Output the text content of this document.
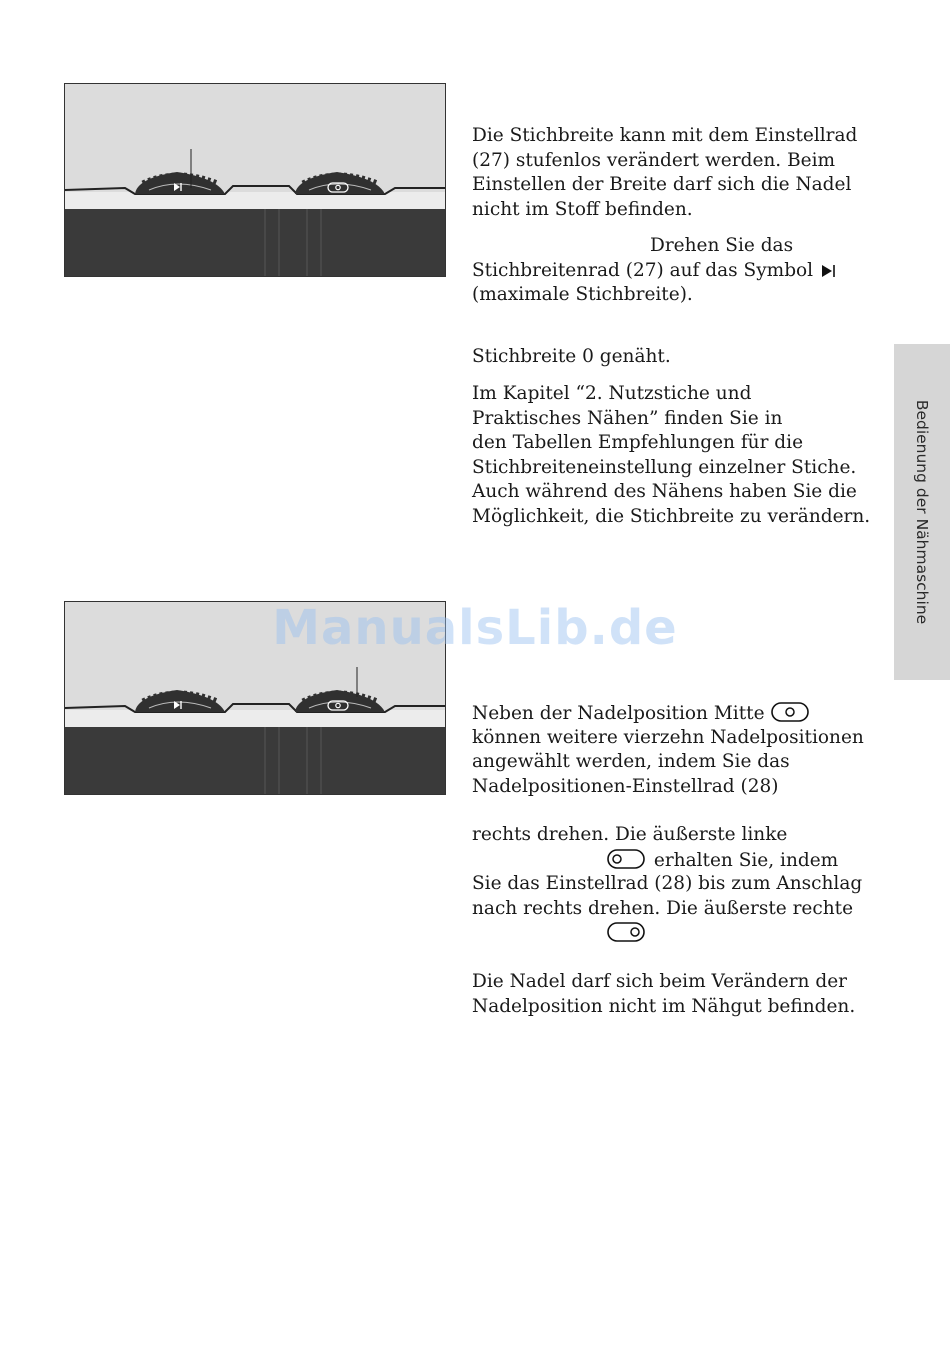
Die Stichbreite kann mit dem Einstellrad
(27) stufenlos verändert werden. Beim
Einstellen der Breite darf sich die Nadel
nicht im Stoff befinden.

Drehen Sie das
Stichbreitenrad (27) auf das Symbol
(maximale Stichbreite).

Stichbreite 0 genäht.

Im Kapitel “2. Nutzstiche und
Praktisches Nähen” finden Sie in
den Tabellen Empfehlungen für die
Stichbreiteneinstellung einzelner Stiche.
Auch während des Nähens haben Sie die
Möglichkeit, die Stichbreite zu verändern.

ManualsLib.de

Neben der Nadelposition Mitte
können weitere vierzehn Nadelpositionen
angewählt werden, indem Sie das
Nadelpositionen-Einstellrad (28)

rechts drehen. Die äußerste linke
erhalten Sie, indem
Sie das Einstellrad (28) bis zum Anschlag
nach rechts drehen. Die äußerste rechte

Die Nadel darf sich beim Verändern der
Nadelposition nicht im Nähgut befinden.

Bedienung der Nähmaschine
